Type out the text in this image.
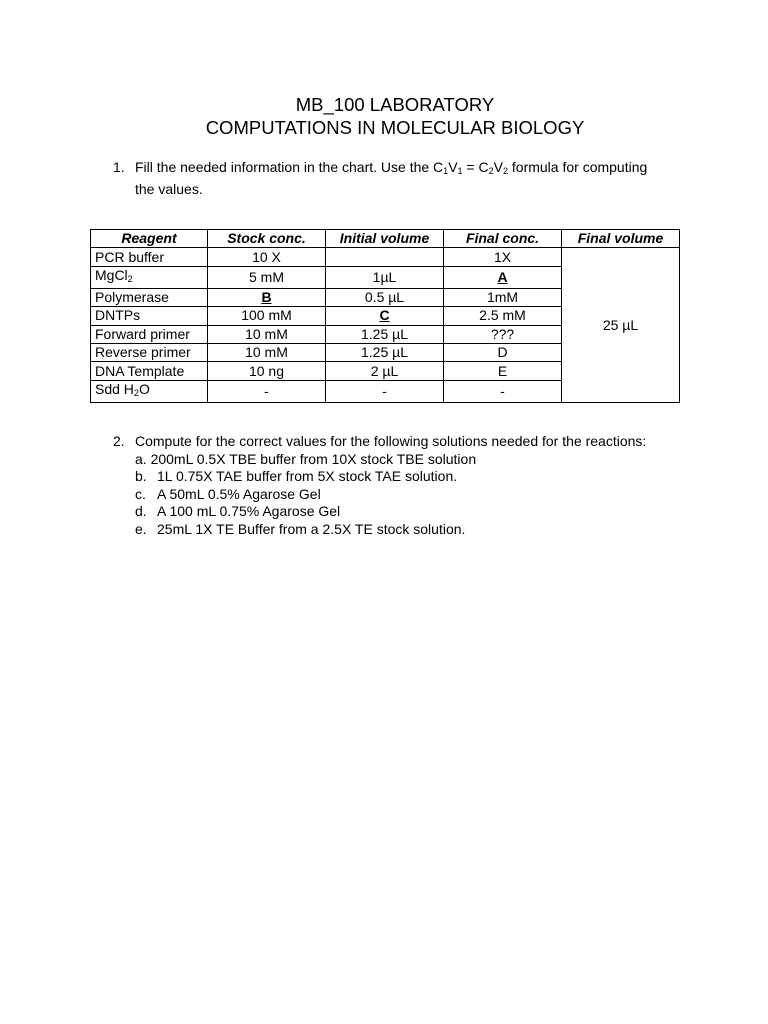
MB_100 LABORATORY

COMPUTATIONS IN MOLECULAR BIOLOGY

1. Fill the needed information in the chart. Use the $C_1V_1 = C_2V_2$ formula for computing the values.
Reagent	Stock conc.	Initial volume	Final conc.	Final volume
PCR buffer	10 X		1X	25 µL
MgCl$_2$	5 mM	1µL	A	
Polymerase	B	0.5 µL	1mM	
DNTPs	100 mM	C	2.5 mM	
Forward primer	10 mM	1.25 µL	???	
Reverse primer	10 mM	1.25 µL	D	
DNA Template	10 ng	2 µL	E	
Sdd $H_2O$	-	-	-	
2. Compute for the correct values for the following solutions needed for the reactions:
a. 200mL 0.5X TBE buffer from 10X stock TBE solution
b. 1L 0.75X TAE buffer from 5X stock TAE solution.
c. A 50mL 0.5% Agarose Gel
d. A 100 mL 0.75% Agarose Gel
e. 25mL 1X TE Buffer from a 2.5X TE stock solution.
